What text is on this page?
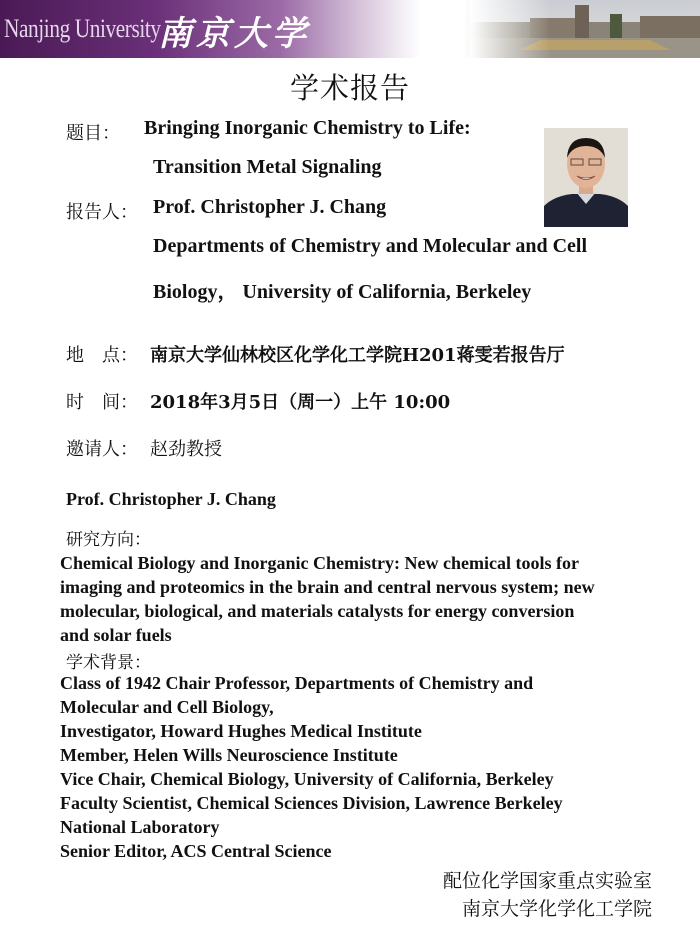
Nanjing University
南京大学
学术报告
题目： Bringing Inorganic Chemistry to Life:
Transition Metal Signaling
报告人： Prof. Christopher J. Chang
Departments of Chemistry and Molecular and Cell
Biology， University of California, Berkeley
地　点： 南京大学仙林校区化学化工学院H201蒋雯若报告厅
时　间： 2018年3月5日（周一）上午 10:00
邀请人： 赵劲教授
Prof. Christopher J. Chang
研究方向：
Chemical Biology and Inorganic Chemistry: New chemical tools for
imaging and proteomics in the brain and central nervous system; new
molecular, biological, and materials catalysts for energy conversion
and solar fuels
学术背景：
Class of 1942 Chair Professor, Departments of Chemistry and
Molecular and Cell Biology,
Investigator, Howard Hughes Medical Institute
Member, Helen Wills Neuroscience Institute
Vice Chair, Chemical Biology, University of California, Berkeley
Faculty Scientist, Chemical Sciences Division, Lawrence Berkeley
National Laboratory
Senior Editor, ACS Central Science
配位化学国家重点实验室
南京大学化学化工学院
